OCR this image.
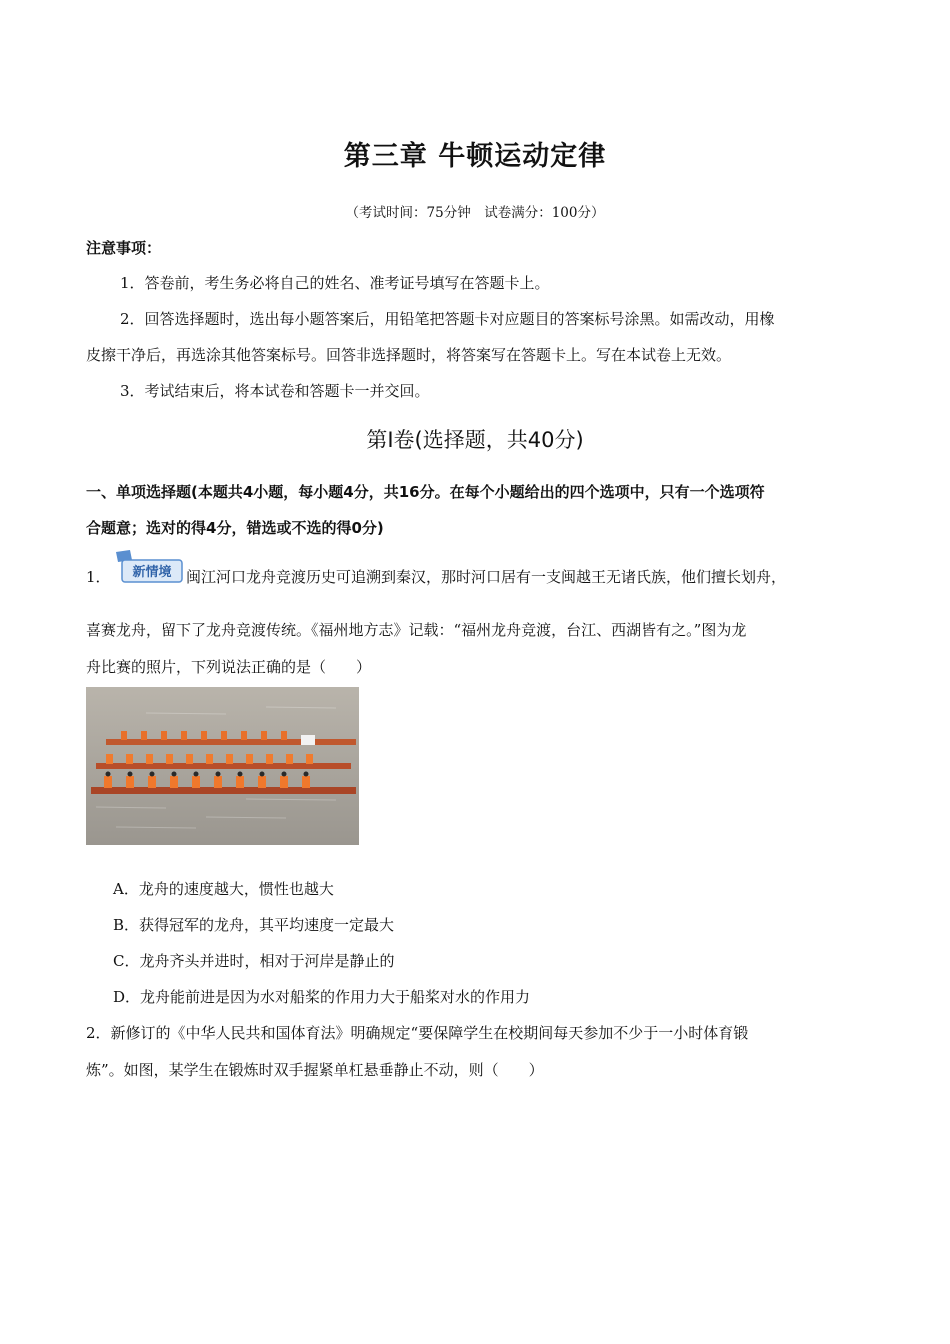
第三章 牛顿运动定律
（考试时间：75分钟　试卷满分：100分）
注意事项：
1．答卷前，考生务必将自己的姓名、准考证号填写在答题卡上。
2．回答选择题时，选出每小题答案后，用铅笔把答题卡对应题目的答案标号涂黑。如需改动，用橡
皮擦干净后，再选涂其他答案标号。回答非选择题时，将答案写在答题卡上。写在本试卷上无效。
3．考试结束后，将本试卷和答题卡一并交回。
第Ⅰ卷(选择题，共40分)
一、单项选择题(本题共4小题，每小题4分，共16分。在每个小题给出的四个选项中，只有一个选项符
合题意；选对的得4分，错选或不选的得0分)
1．	新情境 闽江河口龙舟竞渡历史可追溯到秦汉，那时河口居有一支闽越王无诸氏族，他们擅长划舟，
喜赛龙舟，留下了龙舟竞渡传统。《福州地方志》记载：“福州龙舟竞渡，台江、西湖皆有之。”图为龙
舟比赛的照片，下列说法正确的是（　　）
A．龙舟的速度越大，惯性也越大
B．获得冠军的龙舟，其平均速度一定最大
C．龙舟齐头并进时，相对于河岸是静止的
D．龙舟能前进是因为水对船桨的作用力大于船桨对水的作用力
2．新修订的《中华人民共和国体育法》明确规定“要保障学生在校期间每天参加不少于一小时体育锻
炼”。如图，某学生在锻炼时双手握紧单杠悬垂静止不动，则（　　）
